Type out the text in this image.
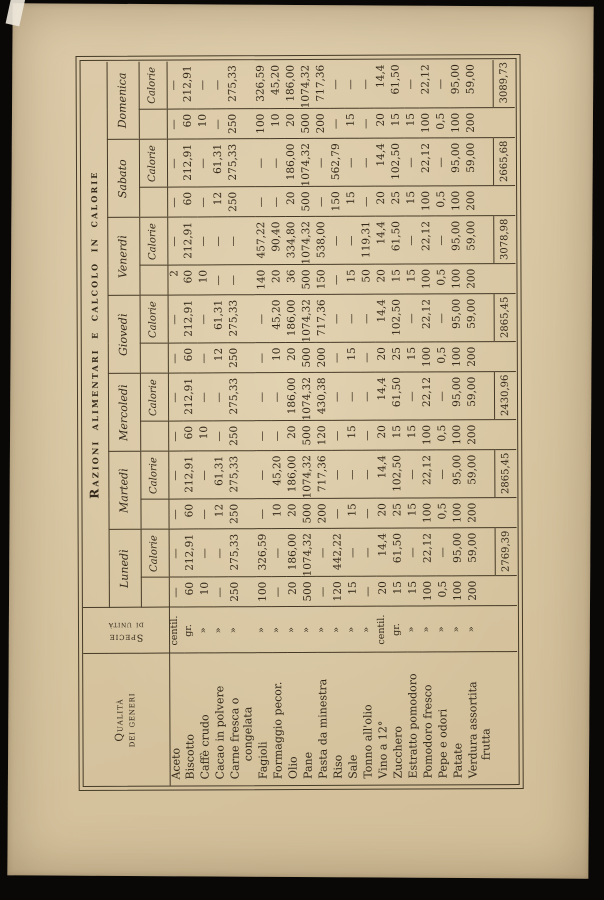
Qualità dei generi	Specie
di unità	Razioni alimentari e calcolo in calorie													
		Lunedì		Martedì		Mercoledì		Giovedì		Venerdì		Sabato		Domenica	
			Calorie		Calorie		Calorie		Calorie		Calorie		Calorie		Calorie
Aceto	centil.	—	—	—	—	—	—	—	—	2	—	—	—	—	—
Biscotto	gr.	60	212,91	60	212,91	60	212,91	60	212,91	60	212,91	60	212,91	60	212,91
Caffè crudo	»	10	—	—	—	10	—	—	—	10	—	—	—	10	—
Cacao in polvere	»	—	—	12	61,31	—	—	12	61,31	—	—	12	61,31	—	—
Carne fresca o congelata	»	250	275,33	250	275,33	250	275,33	250	275,33	—	—	250	275,33	250	275,33
Fagioli	»	100	326,59	—	—	—	—	—	—	140	457,22	—	—	100	326,59
Formaggio pecor.	»	—	—	10	45,20	—	—	10	45,20	20	90,40	—	—	10	45,20
Olio	»	20	186,00	20	186,00	20	186,00	20	186,00	36	334,80	20	186,00	20	186,00
Pane	»	500	1074,32	500	1074,32	500	1074,32	500	1074,32	500	1074,32	500	1074,32	500	1074,32
Pasta da minestra	»	—	—	200	717,36	120	430,38	200	717,36	150	538,00	—	—	200	717,36
Riso	»	120	442,22	—	—	—	—	—	—	—	—	150	562,79	—	—
Sale	»	15	—	15	—	15	—	15	—	15	—	15	—	15	—
Tonno all'olio	»	—	—	—	—	—	—	—	—	50	119,31	—	—	—	—
Vino a 12°	centil.	20	14,4	20	14,4	20	14,4	20	14,4	20	14,4	20	14,4	20	14,4
Zucchero	gr.	15	61,50	25	102,50	15	61,50	25	102,50	15	61,50	25	102,50	15	61,50
Estratto pomodoro	»	15	—	15	—	15	—	15	—	15	—	15	—	15	—
Pomodoro fresco	»	100	22,12	100	22,12	100	22,12	100	22,12	100	22,12	100	22,12	100	22,12
Pepe e odori	»	0,5	—	0,5	—	0,5	—	0,5	—	0,5	—	0,5	—	0,5	—
Patate	»	100	95,00	100	95,00	100	95,00	100	95,00	100	95,00	100	95,00	100	95,00
Verdura assortita frutta	»	200	59,00	200	59,00	200	59,00	200	59,00	200	59,00	200	59,00	200	59,00
			2769,39		2865,45		2430,96		2865,45		3078,98		2665,68		3089,73
